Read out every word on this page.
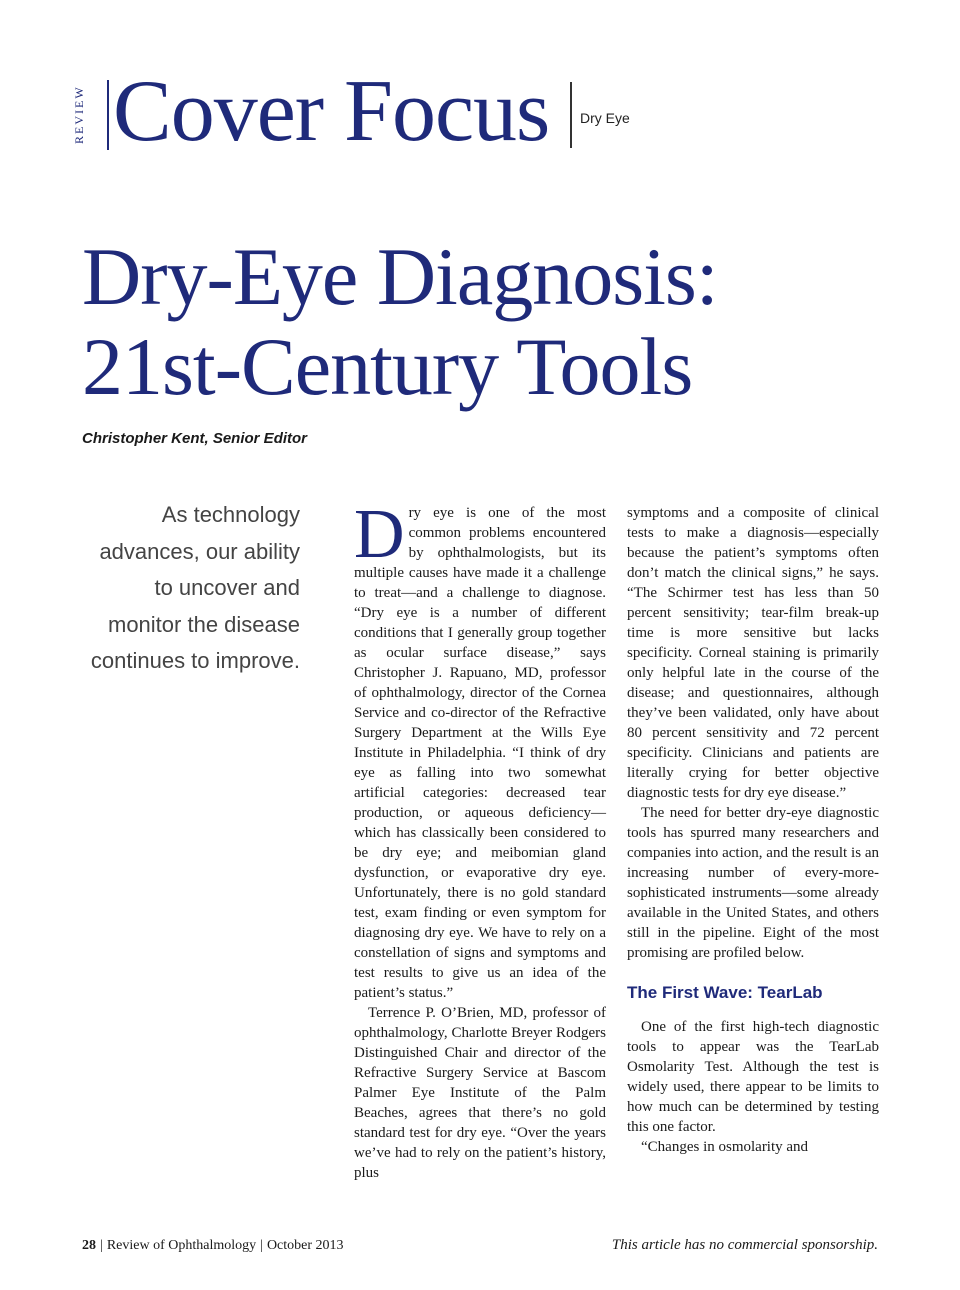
REVIEW Cover Focus Dry Eye
Dry-Eye Diagnosis:
21st-Century Tools
Christopher Kent, Senior Editor

As technology advances, our ability to uncover and monitor the disease continues to improve.

Dry eye is one of the most common problems encountered by ophthalmologists, but its multiple causes have made it a challenge to treat—and a challenge to diagnose. “Dry eye is a number of different conditions that I generally group together as ocular surface disease,” says Christopher J. Rapuano, MD, professor of ophthalmology, director of the Cornea Service and co-director of the Refractive Surgery Department at the Wills Eye Institute in Philadelphia. “I think of dry eye as falling into two somewhat artificial categories: decreased tear production, or aqueous deficiency—which has classically been considered to be dry eye; and meibomian gland dysfunction, or evaporative dry eye. Unfortunately, there is no gold standard test, exam finding or even symptom for diagnosing dry eye. We have to rely on a constellation of signs and symptoms and test results to give us an idea of the patient’s status.”

Terrence P. O’Brien, MD, professor of ophthalmology, Charlotte Breyer Rodgers Distinguished Chair and director of the Refractive Surgery Service at Bascom Palmer Eye Institute of the Palm Beaches, agrees that there’s no gold standard test for dry eye. “Over the years we’ve had to rely on the patient’s history, plus

symptoms and a composite of clinical tests to make a diagnosis—especially because the patient’s symptoms often don’t match the clinical signs,” he says. “The Schirmer test has less than 50 percent sensitivity; tear-film break-up time is more sensitive but lacks specificity. Corneal staining is primarily only helpful late in the course of the disease; and questionnaires, although they’ve been validated, only have about 80 percent sensitivity and 72 percent specificity. Clinicians and patients are literally crying for better objective diagnostic tests for dry eye disease.”

The need for better dry-eye diagnostic tools has spurred many researchers and companies into action, and the result is an increasing number of every-more-sophisticated instruments—some already available in the United States, and others still in the pipeline. Eight of the most promising are profiled below.

The First Wave: TearLab

One of the first high-tech diagnostic tools to appear was the TearLab Osmolarity Test. Although the test is widely used, there appear to be limits to how much can be determined by testing this one factor.

“Changes in osmolarity and

28 | Review of Ophthalmology | October 2013	This article has no commercial sponsorship.
